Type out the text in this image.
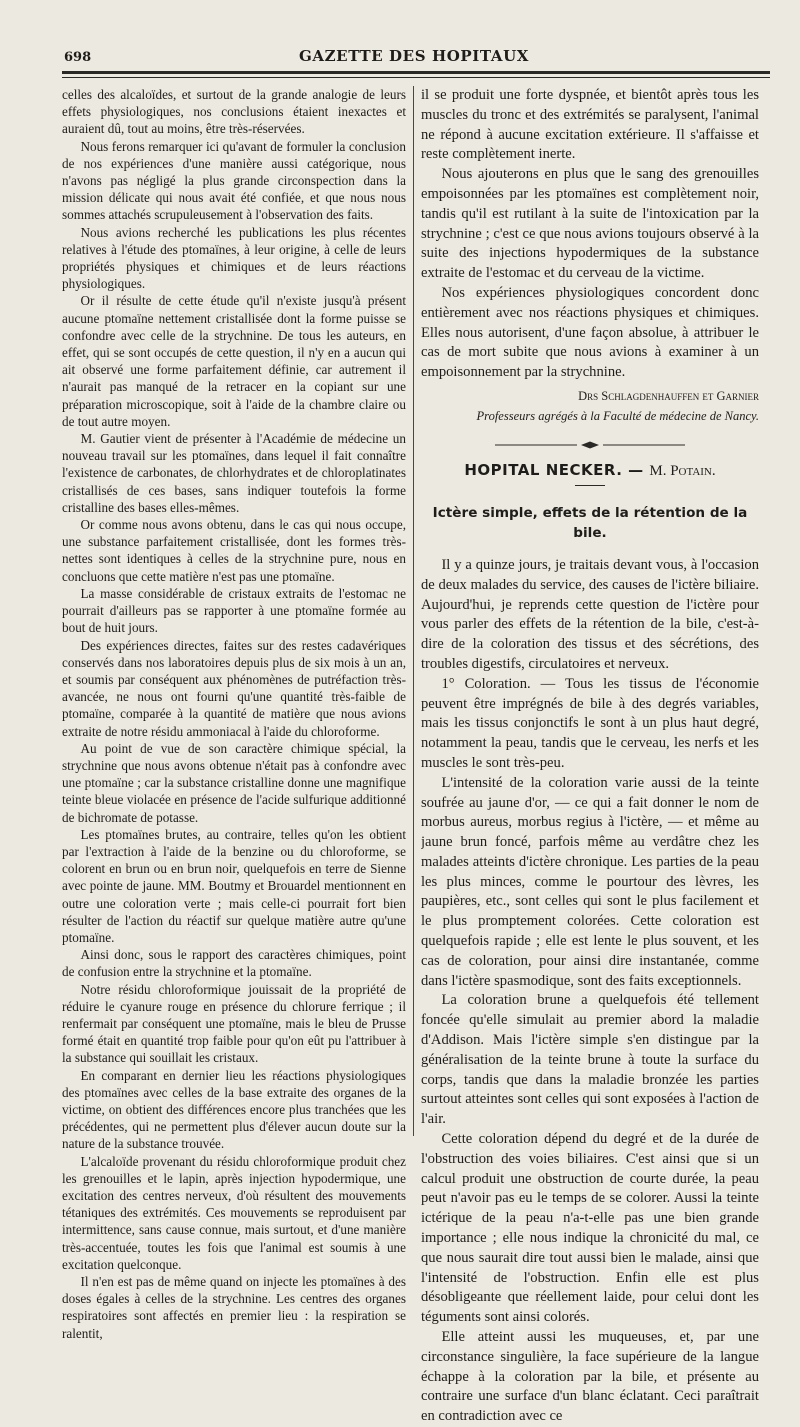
698	GAZETTE DES HOPITAUX

celles des alcaloïdes, et surtout de la grande analogie de leurs effets physiologiques, nos conclusions étaient inexactes et auraient dû, tout au moins, être très-réservées.

Nous ferons remarquer ici qu'avant de formuler la conclusion de nos expériences d'une manière aussi catégorique, nous n'avons pas négligé la plus grande circonspection dans la mission délicate qui nous avait été confiée, et que nous nous sommes attachés scrupuleusement à l'observation des faits.

Nous avions recherché les publications les plus récentes relatives à l'étude des ptomaïnes, à leur origine, à celle de leurs propriétés physiques et chimiques et de leurs réactions physiologiques.

Or il résulte de cette étude qu'il n'existe jusqu'à présent aucune ptomaïne nettement cristallisée dont la forme puisse se confondre avec celle de la strychnine. De tous les auteurs, en effet, qui se sont occupés de cette question, il n'y en a aucun qui ait observé une forme parfaitement définie, car autrement il n'aurait pas manqué de la retracer en la copiant sur une préparation microscopique, soit à l'aide de la chambre claire ou de tout autre moyen.

M. Gautier vient de présenter à l'Académie de médecine un nouveau travail sur les ptomaïnes, dans lequel il fait connaître l'existence de carbonates, de chlorhydrates et de chloroplatinates cristallisés de ces bases, sans indiquer toutefois la forme cristalline des bases elles-mêmes.

Or comme nous avons obtenu, dans le cas qui nous occupe, une substance parfaitement cristallisée, dont les formes très-nettes sont identiques à celles de la strychnine pure, nous en concluons que cette matière n'est pas une ptomaïne.

La masse considérable de cristaux extraits de l'estomac ne pourrait d'ailleurs pas se rapporter à une ptomaïne formée au bout de huit jours.

Des expériences directes, faites sur des restes cadavériques conservés dans nos laboratoires depuis plus de six mois à un an, et soumis par conséquent aux phénomènes de putréfaction très-avancée, ne nous ont fourni qu'une quantité très-faible de ptomaïne, comparée à la quantité de matière que nous avions extraite de notre résidu ammoniacal à l'aide du chloroforme.

Au point de vue de son caractère chimique spécial, la strychnine que nous avons obtenue n'était pas à confondre avec une ptomaïne ; car la substance cristalline donne une magnifique teinte bleue violacée en présence de l'acide sulfurique additionné de bichromate de potasse.

Les ptomaïnes brutes, au contraire, telles qu'on les obtient par l'extraction à l'aide de la benzine ou du chloroforme, se colorent en brun ou en brun noir, quelquefois en terre de Sienne avec pointe de jaune. MM. Boutmy et Brouardel mentionnent en outre une coloration verte ; mais celle-ci pourrait fort bien résulter de l'action du réactif sur quelque matière autre qu'une ptomaïne.

Ainsi donc, sous le rapport des caractères chimiques, point de confusion entre la strychnine et la ptomaïne.

Notre résidu chloroformique jouissait de la propriété de réduire le cyanure rouge en présence du chlorure ferrique ; il renfermait par conséquent une ptomaïne, mais le bleu de Prusse formé était en quantité trop faible pour qu'on eût pu l'attribuer à la substance qui souillait les cristaux.

En comparant en dernier lieu les réactions physiologiques des ptomaïnes avec celles de la base extraite des organes de la victime, on obtient des différences encore plus tranchées que les précédentes, qui ne permettent plus d'élever aucun doute sur la nature de la substance trouvée.

L'alcaloïde provenant du résidu chloroformique produit chez les grenouilles et le lapin, après injection hypodermique, une excitation des centres nerveux, d'où résultent des mouvements tétaniques des extrémités. Ces mouvements se reproduisent par intermittence, sans cause connue, mais surtout, et d'une manière très-accentuée, toutes les fois que l'animal est soumis à une excitation quelconque.

Il n'en est pas de même quand on injecte les ptomaïnes à des doses égales à celles de la strychnine. Les centres des organes respiratoires sont affectés en premier lieu : la respiration se ralentit,

il se produit une forte dyspnée, et bientôt après tous les muscles du tronc et des extrémités se paralysent, l'animal ne répond à aucune excitation extérieure. Il s'affaisse et reste complètement inerte.

Nous ajouterons en plus que le sang des grenouilles empoisonnées par les ptomaïnes est complètement noir, tandis qu'il est rutilant à la suite de l'intoxication par la strychnine ; c'est ce que nous avions toujours observé à la suite des injections hypodermiques de la substance extraite de l'estomac et du cerveau de la victime.

Nos expériences physiologiques concordent donc entièrement avec nos réactions physiques et chimiques. Elles nous autorisent, d'une façon absolue, à attribuer le cas de mort subite que nous avions à examiner à un empoisonnement par la strychnine.

Drs Schlagdenhauffen et Garnier
Professeurs agrégés à la Faculté de médecine de Nancy.
HOPITAL NECKER. — M. Potain.
Ictère simple, effets de la rétention de la bile.

Il y a quinze jours, je traitais devant vous, à l'occasion de deux malades du service, des causes de l'ictère biliaire. Aujourd'hui, je reprends cette question de l'ictère pour vous parler des effets de la rétention de la bile, c'est-à-dire de la coloration des tissus et des sécrétions, des troubles digestifs, circulatoires et nerveux.

1° Coloration. — Tous les tissus de l'économie peuvent être imprégnés de bile à des degrés variables, mais les tissus conjonctifs le sont à un plus haut degré, notamment la peau, tandis que le cerveau, les nerfs et les muscles le sont très-peu.

L'intensité de la coloration varie aussi de la teinte soufrée au jaune d'or, — ce qui a fait donner le nom de morbus aureus, morbus regius à l'ictère, — et même au jaune brun foncé, parfois même au verdâtre chez les malades atteints d'ictère chronique. Les parties de la peau les plus minces, comme le pourtour des lèvres, les paupières, etc., sont celles qui sont le plus facilement et le plus promptement colorées. Cette coloration est quelquefois rapide ; elle est lente le plus souvent, et les cas de coloration, pour ainsi dire instantanée, comme dans l'ictère spasmodique, sont des faits exceptionnels.

La coloration brune a quelquefois été tellement foncée qu'elle simulait au premier abord la maladie d'Addison. Mais l'ictère simple s'en distingue par la généralisation de la teinte brune à toute la surface du corps, tandis que dans la maladie bronzée les parties surtout atteintes sont celles qui sont exposées à l'action de l'air.

Cette coloration dépend du degré et de la durée de l'obstruction des voies biliaires. C'est ainsi que si un calcul produit une obstruction de courte durée, la peau peut n'avoir pas eu le temps de se colorer. Aussi la teinte ictérique de la peau n'a-t-elle pas une bien grande importance ; elle nous indique la chronicité du mal, ce que nous saurait dire tout aussi bien le malade, ainsi que l'intensité de l'obstruction. Enfin elle est plus désobligeante que réellement laide, pour celui dont les téguments sont ainsi colorés.

Elle atteint aussi les muqueuses, et, par une circonstance singulière, la face supérieure de la langue échappe à la coloration par la bile, et présente au contraire une surface d'un blanc éclatant. Ceci paraîtrait en contradiction avec ce
